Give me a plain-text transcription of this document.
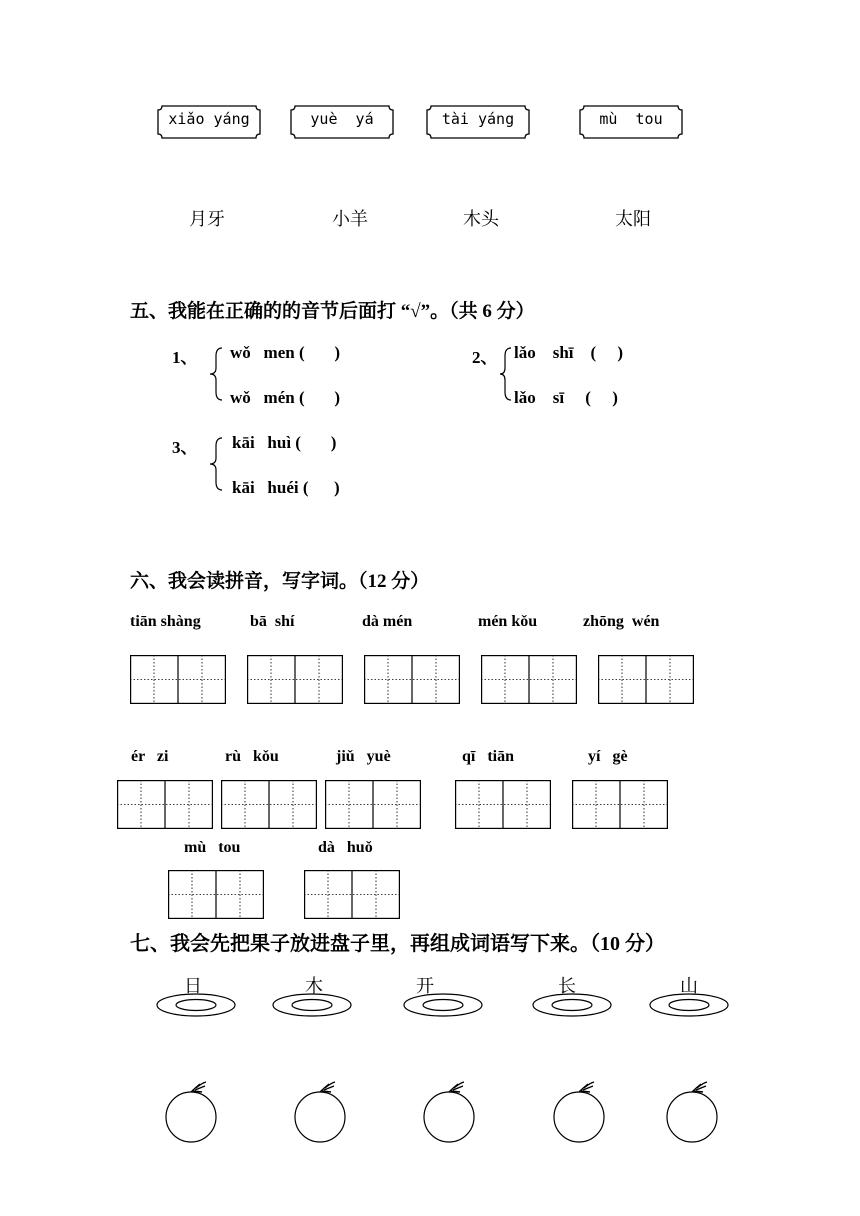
xiǎo yáng	yuè  yá	tài yáng	mù  tou
月牙	小羊	木头	太阳
五、我能在正确的的音节后面打 “√”。（共 6 分）
1、 wǒ   men (       )
wǒ   mén (       )
2、 lǎo    shī    (     )
lǎo    sī     (     )
3、 kāi   huì (       )
kāi   huéi (      )
六、我会读拼音，写字词。（12 分）
tiān shàng	bā  shí	dà mén	mén kǒu	zhōng  wén
ér   zi	rù   kǒu	jiǔ   yuè	qī   tiān	yí   gè
mù   tou	dà   huǒ
七、我会先把果子放进盘子里，再组成词语写下来。（10 分）
日	木	开	长	山
